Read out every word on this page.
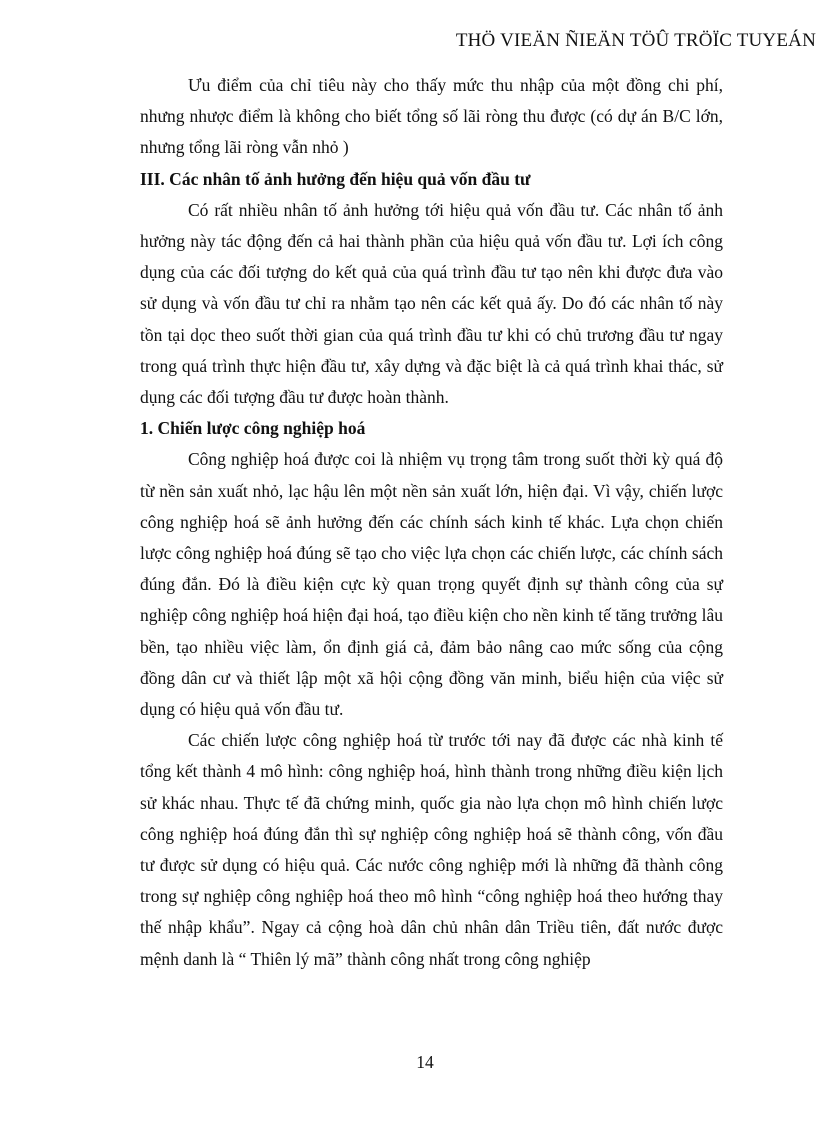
THÖ VIEÄN ÑIEÄN TÖÛ TRÖÏC TUYEÁN

Ưu điểm của chỉ tiêu này cho thấy mức thu nhập của một đồng chi phí, nhưng nhược điểm là không cho biết tổng số lãi ròng thu được (có dự án B/C lớn, nhưng tổng lãi ròng vẫn nhỏ )

III. Các nhân tố ảnh hưởng đến hiệu quả vốn đầu tư

Có rất nhiều nhân tố ảnh hưởng tới hiệu quả vốn đầu tư. Các nhân tố ảnh hưởng này tác động đến cả hai thành phần của hiệu quả vốn đầu tư. Lợi ích công dụng của các đối tượng do kết quả của quá trình đầu tư tạo nên khi được đưa vào sử dụng và vốn đầu tư chỉ ra nhằm tạo nên các kết quả ấy. Do đó các nhân tố này tồn tại dọc theo suốt thời gian của quá trình đầu tư khi có chủ trương đầu tư ngay trong quá trình thực hiện đầu tư, xây dựng và đặc biệt là cả quá trình khai thác, sử dụng các đối tượng đầu tư được hoàn thành.

1. Chiến lược công nghiệp hoá

Công nghiệp hoá được coi là nhiệm vụ trọng tâm trong suốt thời kỳ quá độ từ nền sản xuất nhỏ, lạc hậu lên một nền sản xuất lớn, hiện đại. Vì vậy, chiến lược công nghiệp hoá sẽ ảnh hưởng đến các chính sách kinh tế khác. Lựa chọn chiến lược công nghiệp hoá đúng sẽ tạo cho việc lựa chọn các chiến lược, các chính sách đúng đắn. Đó là điều kiện cực kỳ quan trọng quyết định sự thành công của sự nghiệp công nghiệp hoá hiện đại hoá, tạo điều kiện cho nền kinh tế tăng trưởng lâu bền, tạo nhiều việc làm, ổn định giá cả, đảm bảo nâng cao mức sống của cộng đồng dân cư và thiết lập một xã hội cộng đồng văn minh, biểu hiện của việc sử dụng có hiệu quả vốn đầu tư.

Các chiến lược công nghiệp hoá từ trước tới nay đã được các nhà kinh tế tổng kết thành 4 mô hình: công nghiệp hoá, hình thành trong những điều kiện lịch sử khác nhau. Thực tế đã chứng minh, quốc gia nào lựa chọn mô hình chiến lược công nghiệp hoá đúng đắn thì sự nghiệp công nghiệp hoá sẽ thành công, vốn đầu tư được sử dụng có hiệu quả. Các nước công nghiệp mới là những đã thành công trong sự nghiệp công nghiệp hoá theo mô hình “công nghiệp hoá theo hướng thay thế nhập khẩu”. Ngay cả cộng hoà dân chủ nhân dân Triều tiên, đất nước được mệnh danh là “ Thiên lý mã” thành công nhất trong công nghiệp

14
